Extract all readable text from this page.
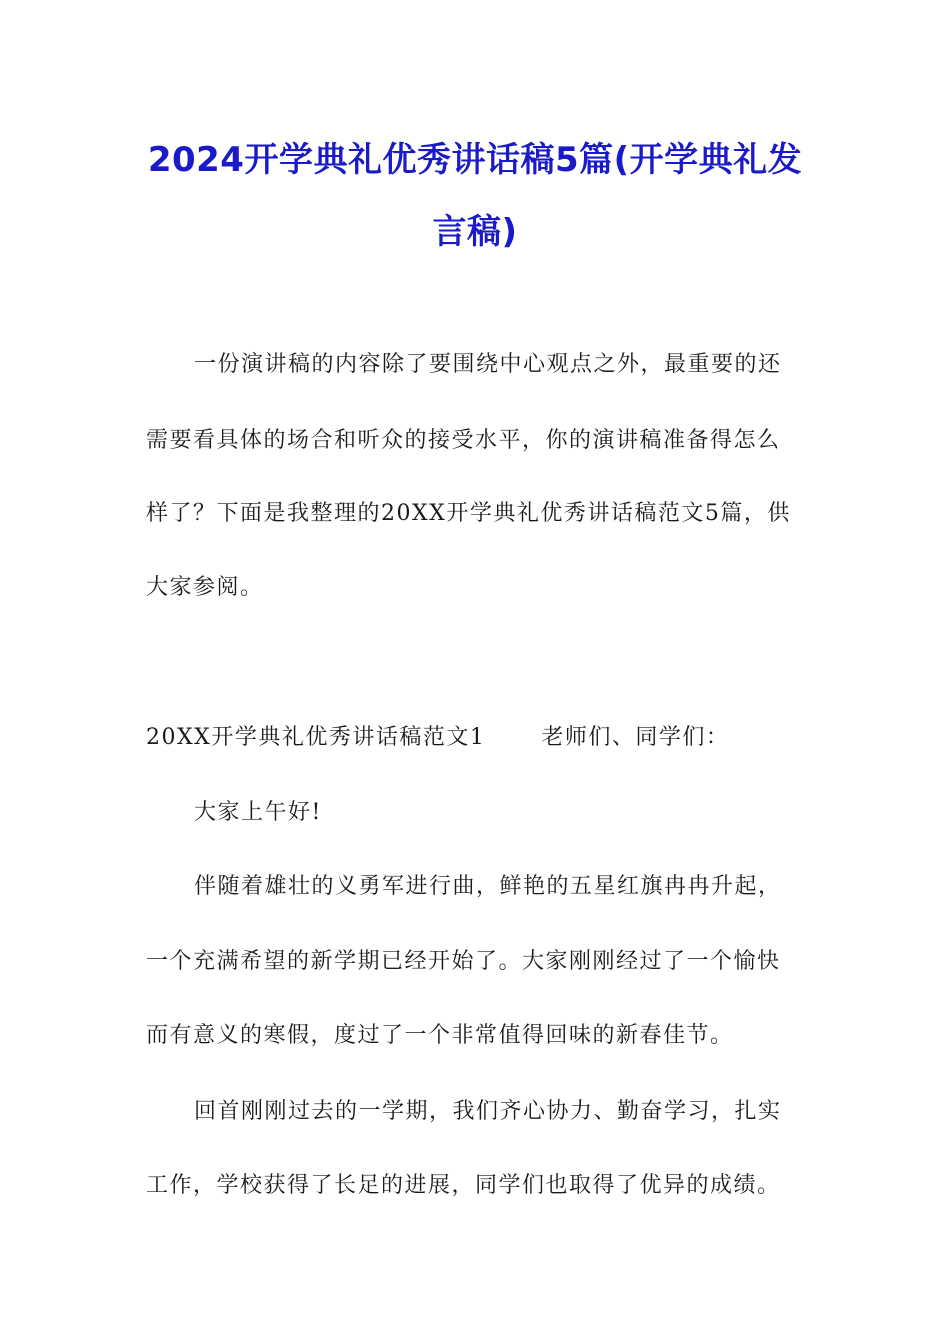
2024开学典礼优秀讲话稿5篇(开学典礼发
言稿)

一份演讲稿的内容除了要围绕中心观点之外，最重要的还

需要看具体的场合和听众的接受水平，你的演讲稿准备得怎么

样了？下面是我整理的20XX开学典礼优秀讲话稿范文5篇，供

大家参阅。

20XX开学典礼优秀讲话稿范文1	老师们、同学们：

大家上午好!

伴随着雄壮的义勇军进行曲，鲜艳的五星红旗冉冉升起，

一个充满希望的新学期已经开始了。大家刚刚经过了一个愉快

而有意义的寒假，度过了一个非常值得回味的新春佳节。

回首刚刚过去的一学期，我们齐心协力、勤奋学习，扎实

工作，学校获得了长足的进展，同学们也取得了优异的成绩。
